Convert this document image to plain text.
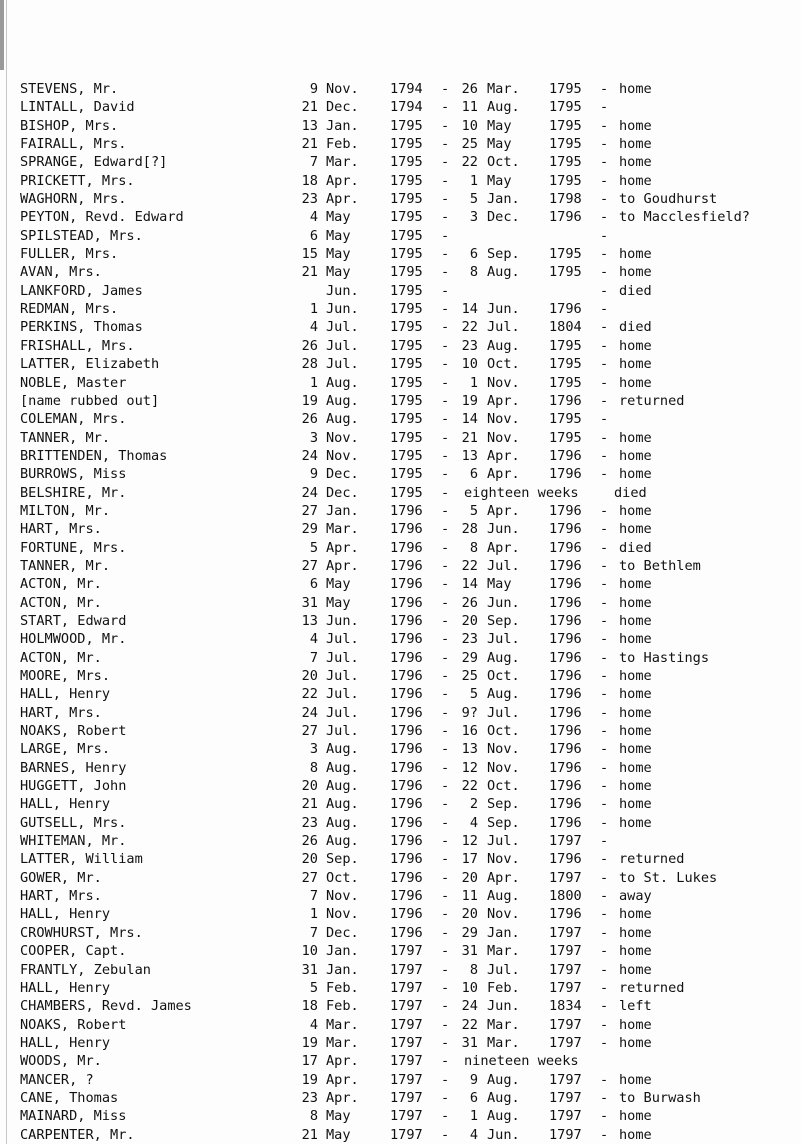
STEVENS, Mr.	9 Nov. 1794 - 26 Mar. 1795 - home
LINTALL, David	21 Dec. 1794 - 11 Aug. 1795 -
BISHOP, Mrs.	13 Jan. 1795 - 10 May	1795 - home
FAIRALL, Mrs.	21 Feb. 1795 - 25 May	1795 - home
SPRANGE, Edward[?]	7 Mar. 1795 - 22 Oct. 1795 - home
PRICKETT, Mrs.	18 Apr. 1795 -	1 May	1795 - home
WAGHORN, Mrs.	23 Apr. 1795 -	5 Jan. 1798 - to Goudhurst
PEYTON, Revd. Edward	4 May	1795 -	3 Dec. 1796 - to Macclesfield?
SPILSTEAD, Mrs.	6 May	1795 -	-
FULLER, Mrs.	15 May	1795 -	6 Sep. 1795 - home
AVAN, Mrs.	21 May	1795 -	8 Aug. 1795 - home
LANKFORD, James	Jun. 1795 -	- died
REDMAN, Mrs.	1 Jun. 1795 - 14 Jun. 1796 -
PERKINS, Thomas	4 Jul. 1795 - 22 Jul. 1804 - died
FRISHALL, Mrs.	26 Jul. 1795 - 23 Aug. 1795 - home
LATTER, Elizabeth	28 Jul. 1795 - 10 Oct. 1795 - home
NOBLE, Master	1 Aug. 1795 -	1 Nov. 1795 - home
[name rubbed out]	19 Aug. 1795 - 19 Apr. 1796 - returned
COLEMAN, Mrs.	26 Aug. 1795 - 14 Nov. 1795 -
TANNER, Mr.	3 Nov. 1795 - 21 Nov. 1795 - home
BRITTENDEN, Thomas	24 Nov. 1795 - 13 Apr. 1796 - home
BURROWS, Miss	9 Dec. 1795 -	6 Apr. 1796 - home
BELSHIRE, Mr.	24 Dec. 1795 - eighteen weeks	died
MILTON, Mr.	27 Jan. 1796 -	5 Apr. 1796 - home
HART, Mrs.	29 Mar. 1796 - 28 Jun. 1796 - home
FORTUNE, Mrs.	5 Apr. 1796 -	8 Apr. 1796 - died
TANNER, Mr.	27 Apr. 1796 - 22 Jul. 1796 - to Bethlem
ACTON, Mr.	6 May	1796 - 14 May	1796 - home
ACTON, Mr.	31 May	1796 - 26 Jun. 1796 - home
START, Edward	13 Jun. 1796 - 20 Sep. 1796 - home
HOLMWOOD, Mr.	4 Jul. 1796 - 23 Jul. 1796 - home
ACTON, Mr.	7 Jul. 1796 - 29 Aug. 1796 - to Hastings
MOORE, Mrs.	20 Jul. 1796 - 25 Oct. 1796 - home
HALL, Henry	22 Jul. 1796 -	5 Aug. 1796 - home
HART, Mrs.	24 Jul. 1796 - 9? Jul. 1796 - home
NOAKS, Robert	27 Jul. 1796 - 16 Oct. 1796 - home
LARGE, Mrs.	3 Aug. 1796 - 13 Nov. 1796 - home
BARNES, Henry	8 Aug. 1796 - 12 Nov. 1796 - home
HUGGETT, John	20 Aug. 1796 - 22 Oct. 1796 - home
HALL, Henry	21 Aug. 1796 -	2 Sep. 1796 - home
GUTSELL, Mrs.	23 Aug. 1796 -	4 Sep. 1796 - home
WHITEMAN, Mr.	26 Aug. 1796 - 12 Jul. 1797 -
LATTER, William	20 Sep. 1796 - 17 Nov. 1796 - returned
GOWER, Mr.	27 Oct. 1796 - 20 Apr. 1797 - to St. Lukes
HART, Mrs.	7 Nov. 1796 - 11 Aug. 1800 - away
HALL, Henry	1 Nov. 1796 - 20 Nov. 1796 - home
CROWHURST, Mrs.	7 Dec. 1796 - 29 Jan. 1797 - home
COOPER, Capt.	10 Jan. 1797 - 31 Mar. 1797 - home
FRANTLY, Zebulan	31 Jan. 1797 -	8 Jul. 1797 - home
HALL, Henry	5 Feb. 1797 - 10 Feb. 1797 - returned
CHAMBERS, Revd. James	18 Feb. 1797 - 24 Jun. 1834 - left
NOAKS, Robert	4 Mar. 1797 - 22 Mar. 1797 - home
HALL, Henry	19 Mar. 1797 - 31 Mar. 1797 - home
WOODS, Mr.	17 Apr. 1797 - nineteen weeks
MANCER, ?	19 Apr. 1797 -	9 Aug. 1797 - home
CANE, Thomas	23 Apr. 1797 -	6 Aug. 1797 - to Burwash
MAINARD, Miss	8 May	1797 -	1 Aug. 1797 - home
CARPENTER, Mr.	21 May	1797 -	4 Jun. 1797 - home
